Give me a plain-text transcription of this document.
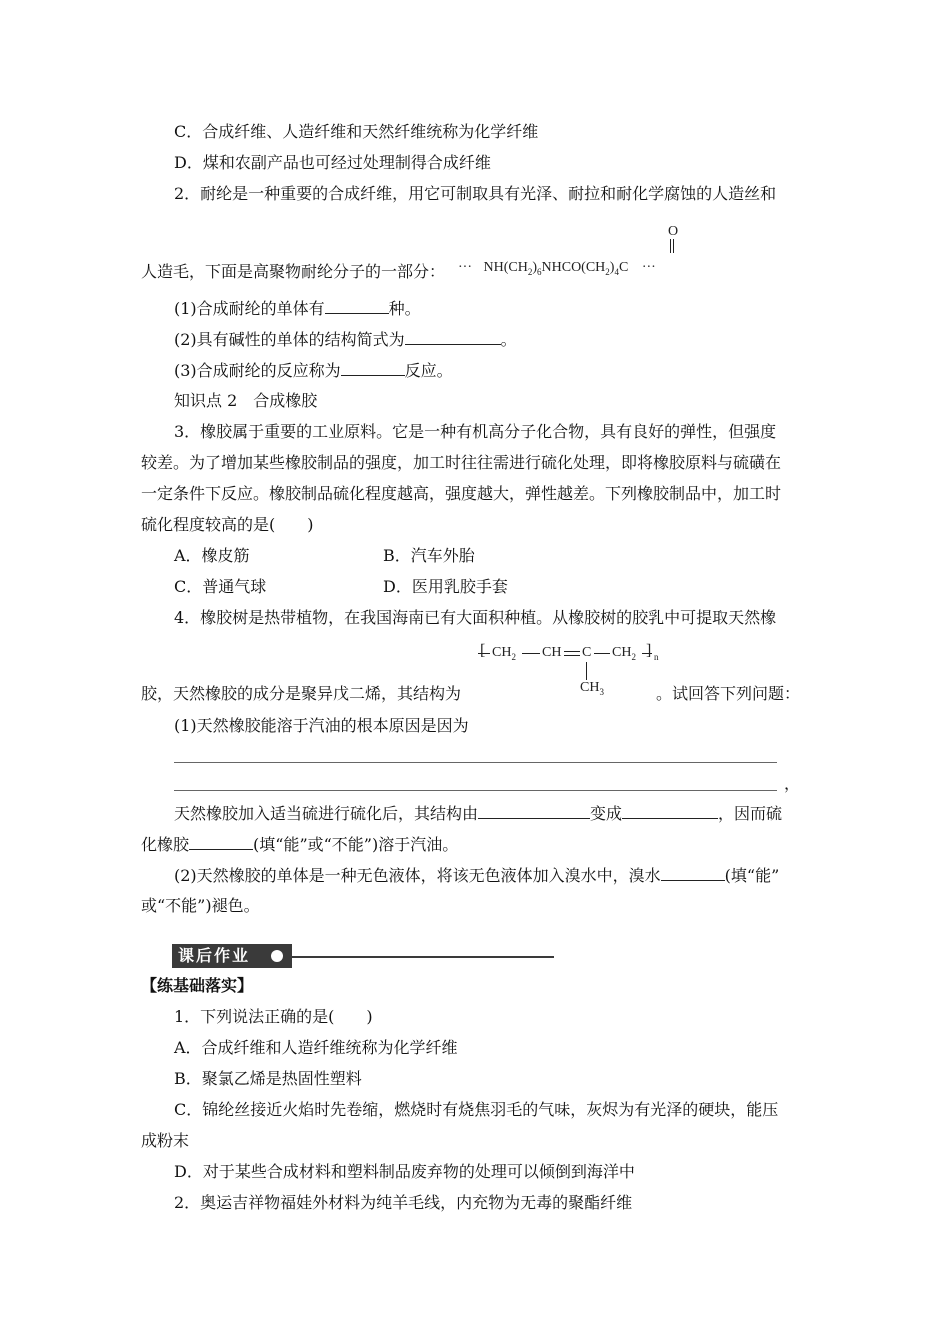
C．合成纤维、人造纤维和天然纤维统称为化学纤维
D．煤和农副产品也可经过处理制得合成纤维
2．耐纶是一种重要的合成纤维，用它可制取具有光泽、耐拉和耐化学腐蚀的人造丝和
人造毛，下面是高聚物耐纶分子的一部分：
O
··· $NH(CH_2)_6NHCO(CH_2)_4C$ ···
(1)合成耐纶的单体有	种。
(2)具有碱性的单体的结构简式为	。
(3)合成耐纶的反应称为	反应。
知识点 2　合成橡胶
3．橡胶属于重要的工业原料。它是一种有机高分子化合物，具有良好的弹性，但强度
较差。为了增加某些橡胶制品的强度，加工时往往需进行硫化处理，即将橡胶原料与硫磺在
一定条件下反应。橡胶制品硫化程度越高，强度越大，弹性越差。下列橡胶制品中，加工时
硫化程度较高的是(　　)
A．橡皮筋	B．汽车外胎
C．普通气球	D．医用乳胶手套
4．橡胶树是热带植物，在我国海南已有大面积种植。从橡胶树的胶乳中可提取天然橡
[ $CH_2$ CH C $CH_2$ ] n
$CH_3$
胶，天然橡胶的成分是聚异戊二烯，其结构为	。试回答下列问题：
(1)天然橡胶能溶于汽油的根本原因是因为
，
天然橡胶加入适当硫进行硫化后，其结构由	变成	，因而硫
化橡胶	(填“能”或“不能”)溶于汽油。
(2)天然橡胶的单体是一种无色液体，将该无色液体加入溴水中，溴水	(填“能”
或“不能”)褪色。
课后作业
【练基础落实】
1．下列说法正确的是(　　)
A．合成纤维和人造纤维统称为化学纤维
B．聚氯乙烯是热固性塑料
C．锦纶丝接近火焰时先卷缩，燃烧时有烧焦羽毛的气味，灰烬为有光泽的硬块，能压
成粉末
D．对于某些合成材料和塑料制品废弃物的处理可以倾倒到海洋中
2．奥运吉祥物福娃外材料为纯羊毛线，内充物为无毒的聚酯纤维
